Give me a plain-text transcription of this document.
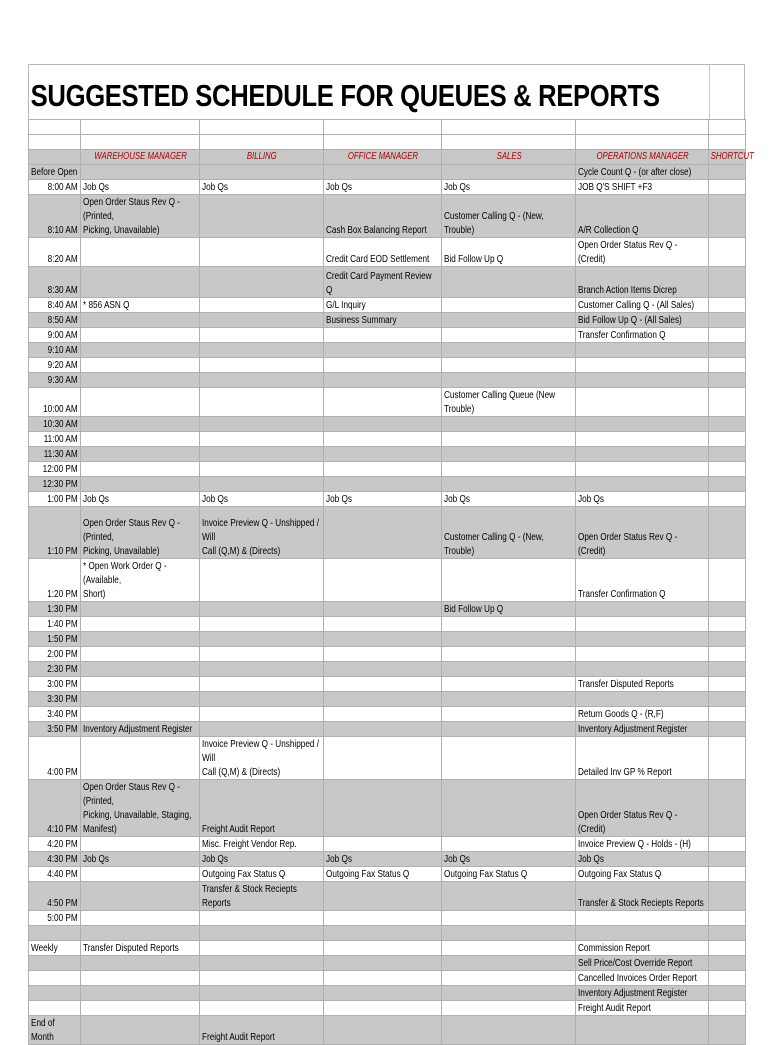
SUGGESTED SCHEDULE FOR QUEUES & REPORTS

	WAREHOUSE MANAGER	BILLING	OFFICE MANAGER	SALES	OPERATIONS MANAGER	SHORTCUT

Before Open					Cycle Count Q - (or after close)	

8:00 AM	Job Qs	Job Qs	Job Qs	Job Qs	JOB Q'S SHIFT +F3	

8:10 AM	Open Order Staus Rev Q - (Printed,
Picking, Unavailable)		Cash Box Balancing Report	Customer Calling Q - (New, Trouble)	A/R Collection Q	

8:20 AM			Credit Card EOD Settlement	Bid Follow Up Q	Open Order Status Rev Q - (Credit)	

8:30 AM			Credit Card Payment Review Q		Branch Action Items Dicrep	

8:40 AM	* 856 ASN Q		G/L Inquiry		Customer Calling Q - (All Sales)	

8:50 AM			Business Summary		Bid Follow Up Q - (All Sales)	

9:00 AM					Transfer Confirmation Q	

9:10 AM						

9:20 AM						

9:30 AM						

10:00 AM				Customer Calling Queue (New Trouble)		

10:30 AM						

11:00 AM						

11:30 AM						

12:00 PM						

12:30 PM						

1:00 PM	Job Qs	Job Qs	Job Qs	Job Qs	Job Qs	

1:10 PM	Open Order Staus Rev Q - (Printed,
Picking, Unavailable)	Invoice Preview Q - Unshipped / Will
Call (Q,M) & (Directs)		Customer Calling Q - (New, Trouble)	Open Order Status Rev Q - (Credit)	

1:20 PM	* Open Work Order Q - (Available,
Short)				Transfer Confirmation Q	

1:30 PM				Bid Follow Up Q		

1:40 PM						

1:50 PM						

2:00 PM						

2:30 PM						

3:00 PM					Transfer Disputed Reports	

3:30 PM						

3:40 PM					Return Goods Q - (R,F)	

3:50 PM	Inventory Adjustment Register				Inventory Adjustment Register	

4:00 PM		Invoice Preview Q - Unshipped / Will
Call (Q,M) & (Directs)			Detailed Inv GP % Report	

4:10 PM	Open Order Staus Rev Q - (Printed,
Picking, Unavailable, Staging,
Manifest)	Freight Audit Report			Open Order Status Rev Q - (Credit)	

4:20 PM		Misc. Freight Vendor Rep.			Invoice Preview Q - Holds - (H)	

4:30 PM	Job Qs	Job Qs	Job Qs	Job Qs	Job Qs	

4:40 PM		Outgoing Fax Status Q	Outgoing Fax Status Q	Outgoing Fax Status Q	Outgoing Fax Status Q	

4:50 PM		Transfer & Stock Reciepts Reports			Transfer & Stock Reciepts Reports	

5:00 PM						

Weekly	Transfer Disputed Reports				Commission Report	

					Sell Price/Cost Override Report	

					Cancelled Invoices Order Report	

					Inventory Adjustment Register	

					Freight Audit Report	

End of Month		Freight Audit Report				
